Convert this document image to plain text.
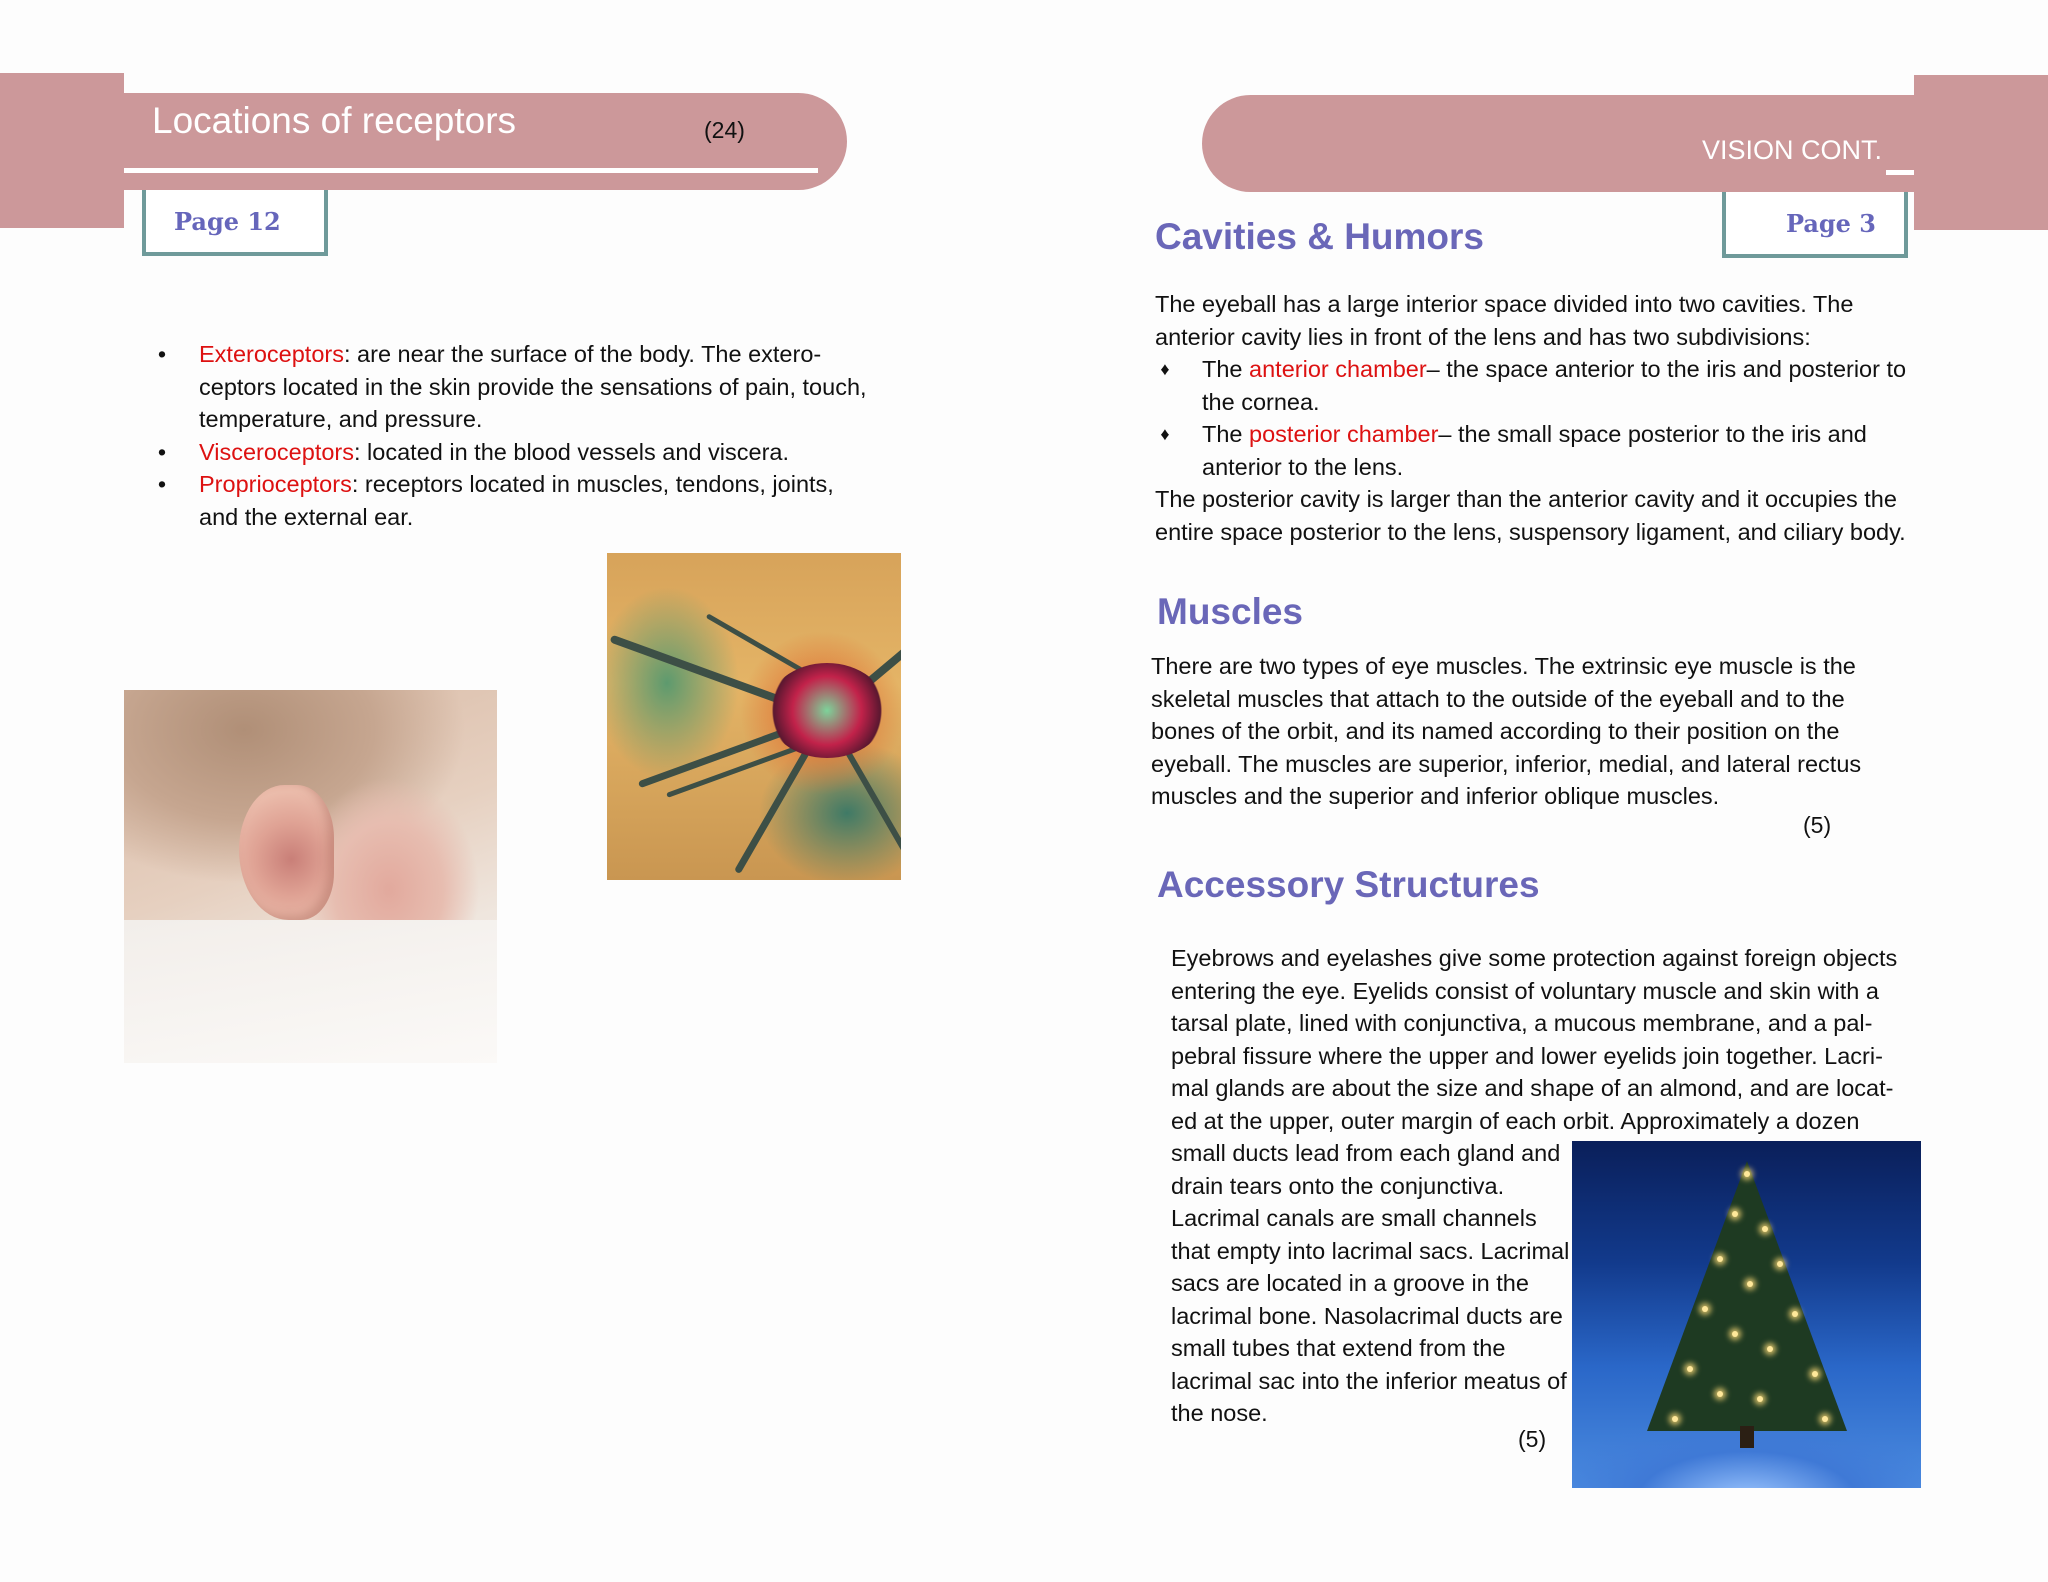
Locations of receptors	(24)
Page 12
• Exteroceptors: are near the surface of the body. The extero- ceptors located in the skin provide the sensations of pain, touch, temperature, and pressure.
• Visceroceptors: located in the blood vessels and viscera.
• Proprioceptors: receptors located in muscles, tendons, joints, and the external ear.
VISION CONT.
Page 3
Cavities & Humors
The eyeball has a large interior space divided into two cavities. The anterior cavity lies in front of the lens and has two subdivisions:
♦ The anterior chamber– the space anterior to the iris and posterior to the cornea.
♦ The posterior chamber– the small space posterior to the iris and anterior to the lens.
The posterior cavity is larger than the anterior cavity and it occupies the entire space posterior to the lens, suspensory ligament, and ciliary body.
Muscles
There are two types of eye muscles. The extrinsic eye muscle is the skeletal muscles that attach to the outside of the eyeball and to the bones of the orbit, and its named according to their position on the eyeball. The muscles are superior, inferior, medial, and lateral rectus muscles and the superior and inferior oblique muscles.
(5)
Accessory Structures
Eyebrows and eyelashes give some protection against foreign objects entering the eye. Eyelids consist of voluntary muscle and skin with a tarsal plate, lined with conjunctiva, a mucous membrane, and a pal- pebral fissure where the upper and lower eyelids join together. Lacri- mal glands are about the size and shape of an almond, and are locat- ed at the upper, outer margin of each orbit. Approximately a dozen
small ducts lead from each gland and drain tears onto the conjunctiva. Lacrimal canals are small channels that empty into lacrimal sacs. Lacrimal sacs are located in a groove in the lacrimal bone. Nasolacrimal ducts are small tubes that extend from the lacrimal sac into the inferior meatus of the nose.
(5)
